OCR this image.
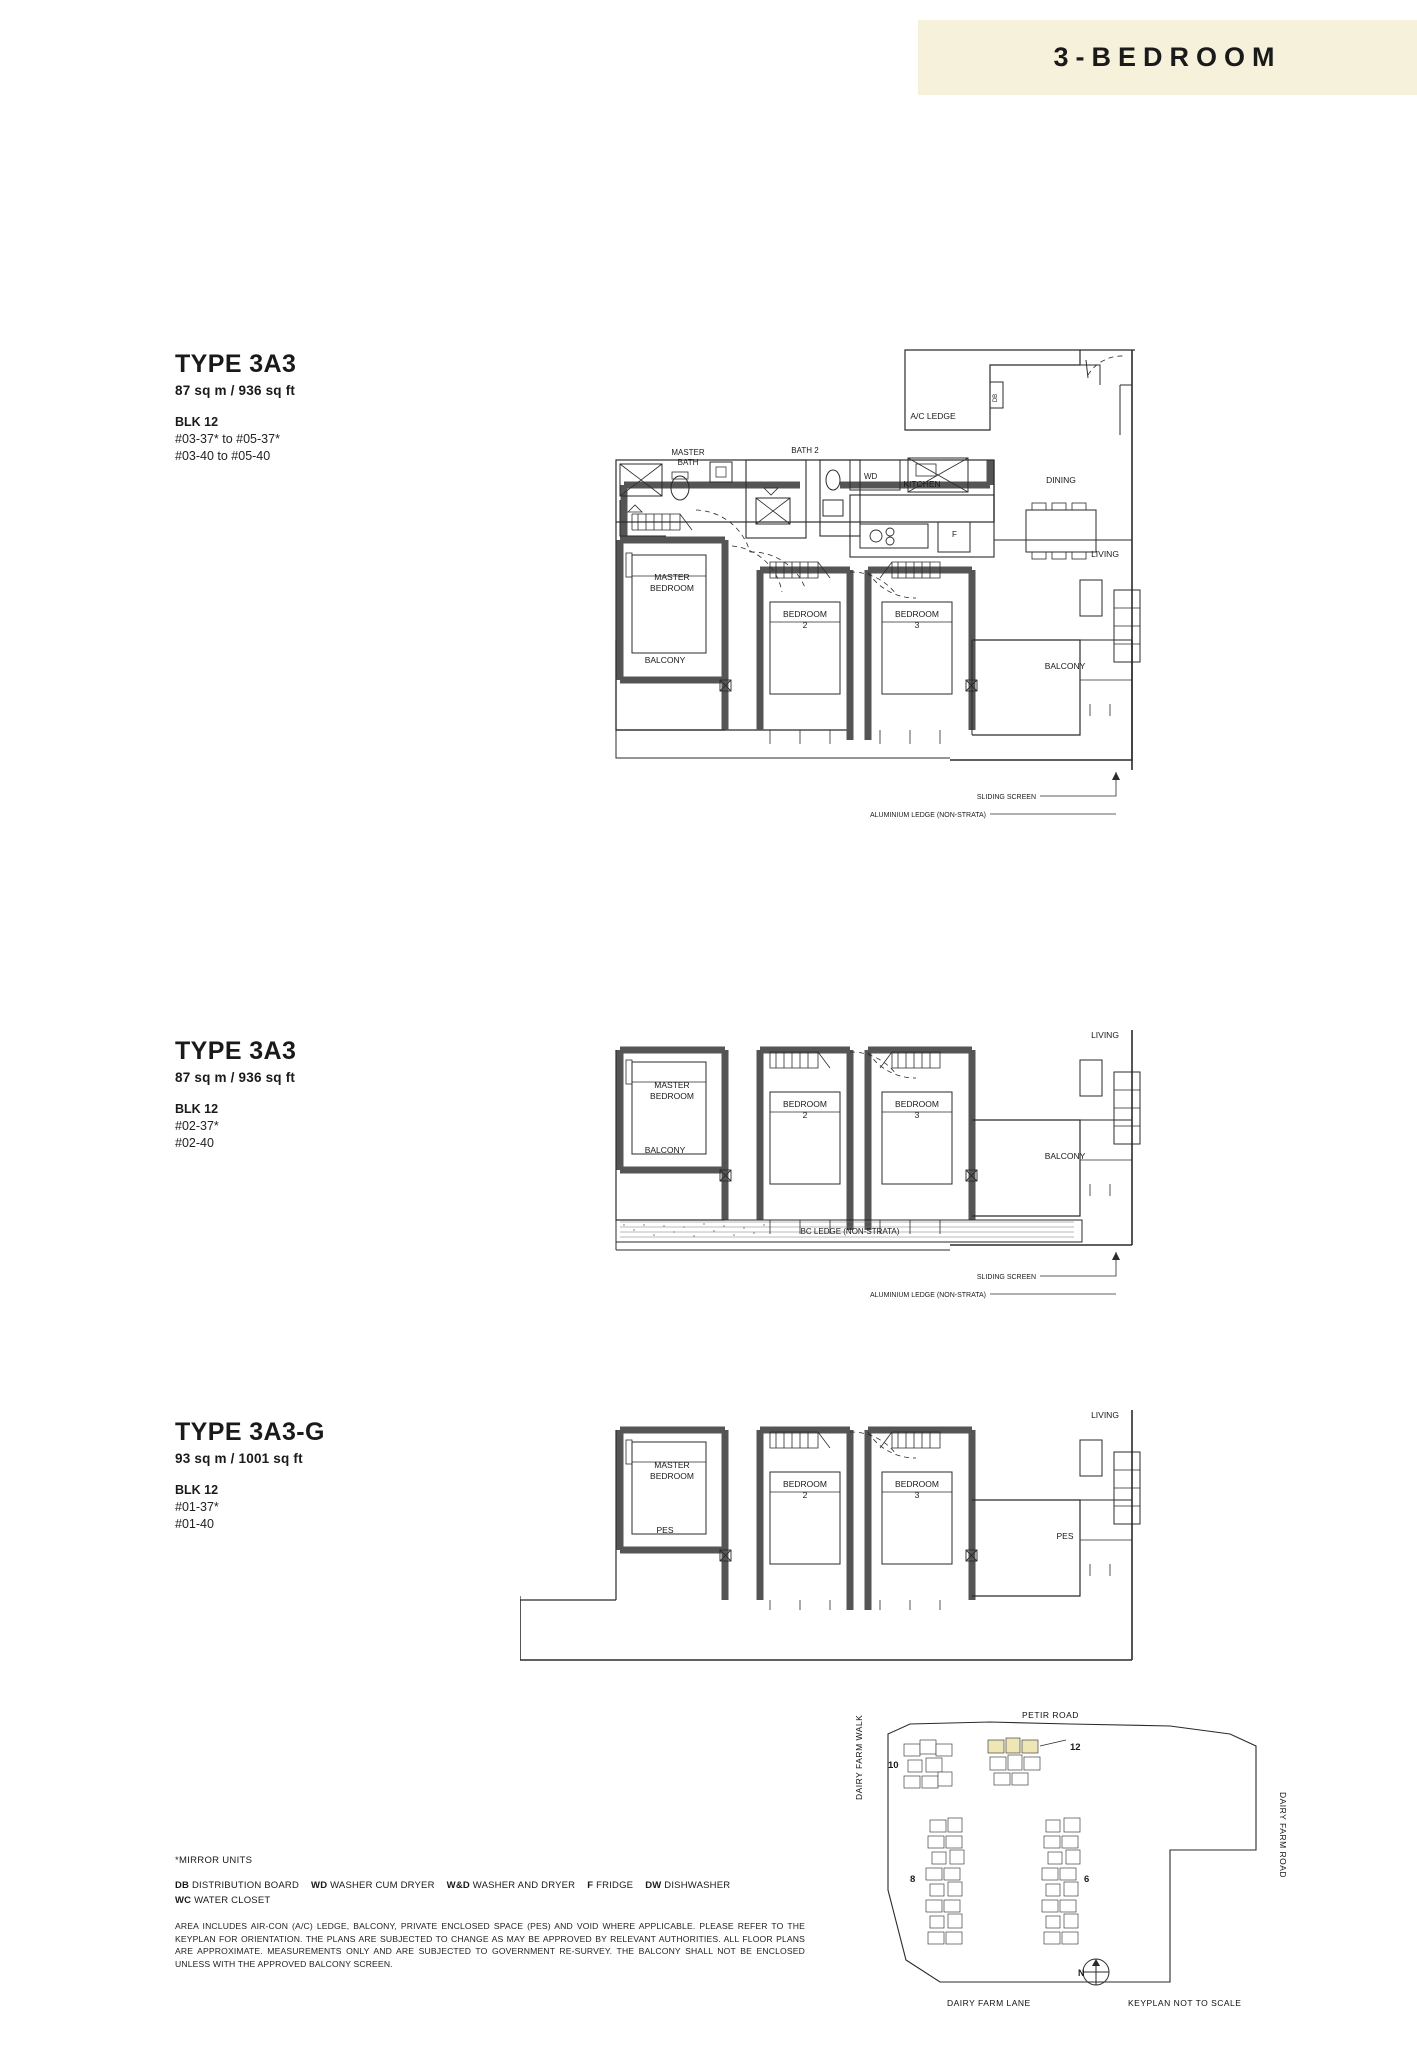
3-BEDROOM
TYPE 3A3
87 sq m / 936 sq ft
BLK 12
#03-37* to #05-37*
#03-40 to #05-40
TYPE 3A3
87 sq m / 936 sq ft
BLK 12
#02-37*
#02-40
TYPE 3A3-G
93 sq m / 1001 sq ft
BLK 12
#01-37*
#01-40
A/C LEDGE
DB
WD
KITCHEN
BATH 2
MASTER
BATH
F
DINING
LIVING
MASTER
BEDROOM
BEDROOM
2
BEDROOM
3
BALCONY
BALCONY
SLIDING SCREEN
ALUMINIUM LEDGE (NON-STRATA)
LIVING
MASTER
BEDROOM
BEDROOM
2
BEDROOM
3
BALCONY
BALCONY
BC LEDGE (NON-STRATA)
SLIDING SCREEN
ALUMINIUM LEDGE (NON-STRATA)
LIVING
MASTER
BEDROOM
BEDROOM
2
BEDROOM
3
PES
PES
*MIRROR UNITS
DB DISTRIBUTION BOARD WD WASHER CUM DRYER W&D WASHER AND DRYER F FRIDGE DW DISHWASHER
WC WATER CLOSET
AREA INCLUDES AIR-CON (A/C) LEDGE, BALCONY, PRIVATE ENCLOSED SPACE (PES) AND VOID WHERE APPLICABLE. PLEASE REFER TO THE KEYPLAN FOR ORIENTATION. THE PLANS ARE SUBJECTED TO CHANGE AS MAY BE APPROVED BY RELEVANT AUTHORITIES. ALL FLOOR PLANS ARE APPROXIMATE. MEASUREMENTS ONLY AND ARE SUBJECTED TO GOVERNMENT RE-SURVEY. THE BALCONY SHALL NOT BE ENCLOSED UNLESS WITH THE APPROVED BALCONY SCREEN.
PETIR ROAD
DAIRY FARM WALK
DAIRY FARM ROAD
DAIRY FARM LANE	KEYPLAN NOT TO SCALE
N
10
12
8	6
